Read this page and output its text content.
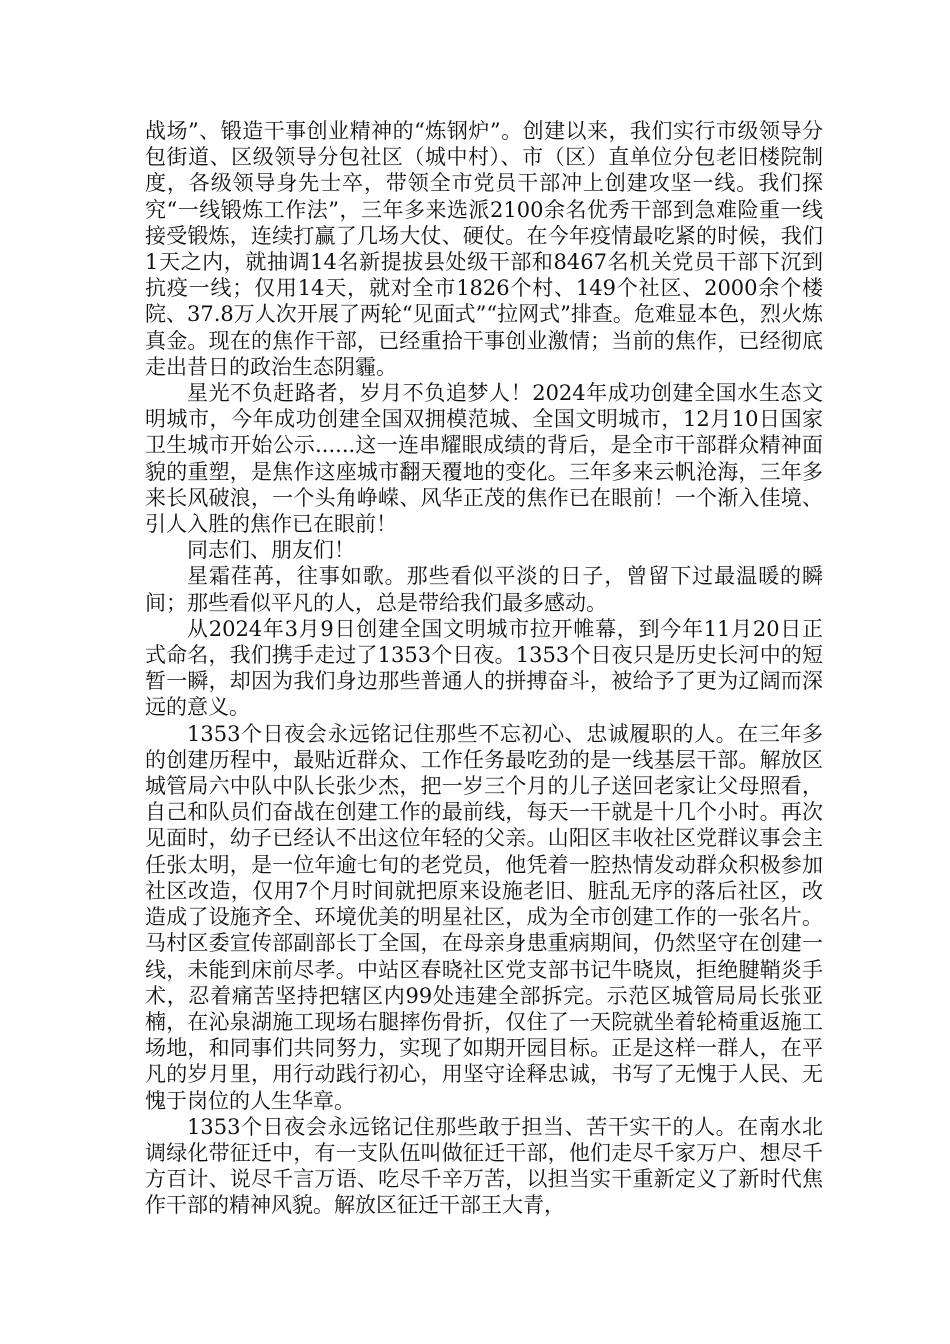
战场”、锻造干事创业精神的“炼钢炉”。创建以来，我们实行市级领导分包街道、区级领导分包社区（城中村）、市（区）直单位分包老旧楼院制度，各级领导身先士卒，带领全市党员干部冲上创建攻坚一线。我们探究“一线锻炼工作法”，三年多来选派2100余名优秀干部到急难险重一线接受锻炼，连续打赢了几场大仗、硬仗。在今年疫情最吃紧的时候，我们1天之内，就抽调14名新提拔县处级干部和8467名机关党员干部下沉到抗疫一线；仅用14天，就对全市1826个村、149个社区、2000余个楼院、37.8万人次开展了两轮“见面式”“拉网式”排查。危难显本色，烈火炼真金。现在的焦作干部，已经重拾干事创业激情；当前的焦作，已经彻底走出昔日的政治生态阴霾。

星光不负赶路者，岁月不负追梦人！2024年成功创建全国水生态文明城市，今年成功创建全国双拥模范城、全国文明城市，12月10日国家卫生城市开始公示......这一连串耀眼成绩的背后，是全市干部群众精神面貌的重塑，是焦作这座城市翻天覆地的变化。三年多来云帆沧海，三年多来长风破浪，一个头角峥嵘、风华正茂的焦作已在眼前！一个渐入佳境、引人入胜的焦作已在眼前！

同志们、朋友们！

星霜荏苒，往事如歌。那些看似平淡的日子，曾留下过最温暖的瞬间；那些看似平凡的人，总是带给我们最多感动。

从2024年3月9日创建全国文明城市拉开帷幕，到今年11月20日正式命名，我们携手走过了1353个日夜。1353个日夜只是历史长河中的短暂一瞬，却因为我们身边那些普通人的拼搏奋斗，被给予了更为辽阔而深远的意义。

1353个日夜会永远铭记住那些不忘初心、忠诚履职的人。在三年多的创建历程中，最贴近群众、工作任务最吃劲的是一线基层干部。解放区城管局六中队中队长张少杰，把一岁三个月的儿子送回老家让父母照看，自己和队员们奋战在创建工作的最前线，每天一干就是十几个小时。再次见面时，幼子已经认不出这位年轻的父亲。山阳区丰收社区党群议事会主任张太明，是一位年逾七旬的老党员，他凭着一腔热情发动群众积极参加社区改造，仅用7个月时间就把原来设施老旧、脏乱无序的落后社区，改造成了设施齐全、环境优美的明星社区，成为全市创建工作的一张名片。马村区委宣传部副部长丁全国，在母亲身患重病期间，仍然坚守在创建一线，未能到床前尽孝。中站区春晓社区党支部书记牛晓岚，拒绝腱鞘炎手术，忍着痛苦坚持把辖区内99处违建全部拆完。示范区城管局局长张亚楠，在沁泉湖施工现场右腿摔伤骨折，仅住了一天院就坐着轮椅重返施工场地，和同事们共同努力，实现了如期开园目标。正是这样一群人，在平凡的岁月里，用行动践行初心，用坚守诠释忠诚，书写了无愧于人民、无愧于岗位的人生华章。

1353个日夜会永远铭记住那些敢于担当、苦干实干的人。在南水北调绿化带征迁中，有一支队伍叫做征迁干部，他们走尽千家万户、想尽千方百计、说尽千言万语、吃尽千辛万苦，以担当实干重新定义了新时代焦作干部的精神风貌。解放区征迁干部王大青，
